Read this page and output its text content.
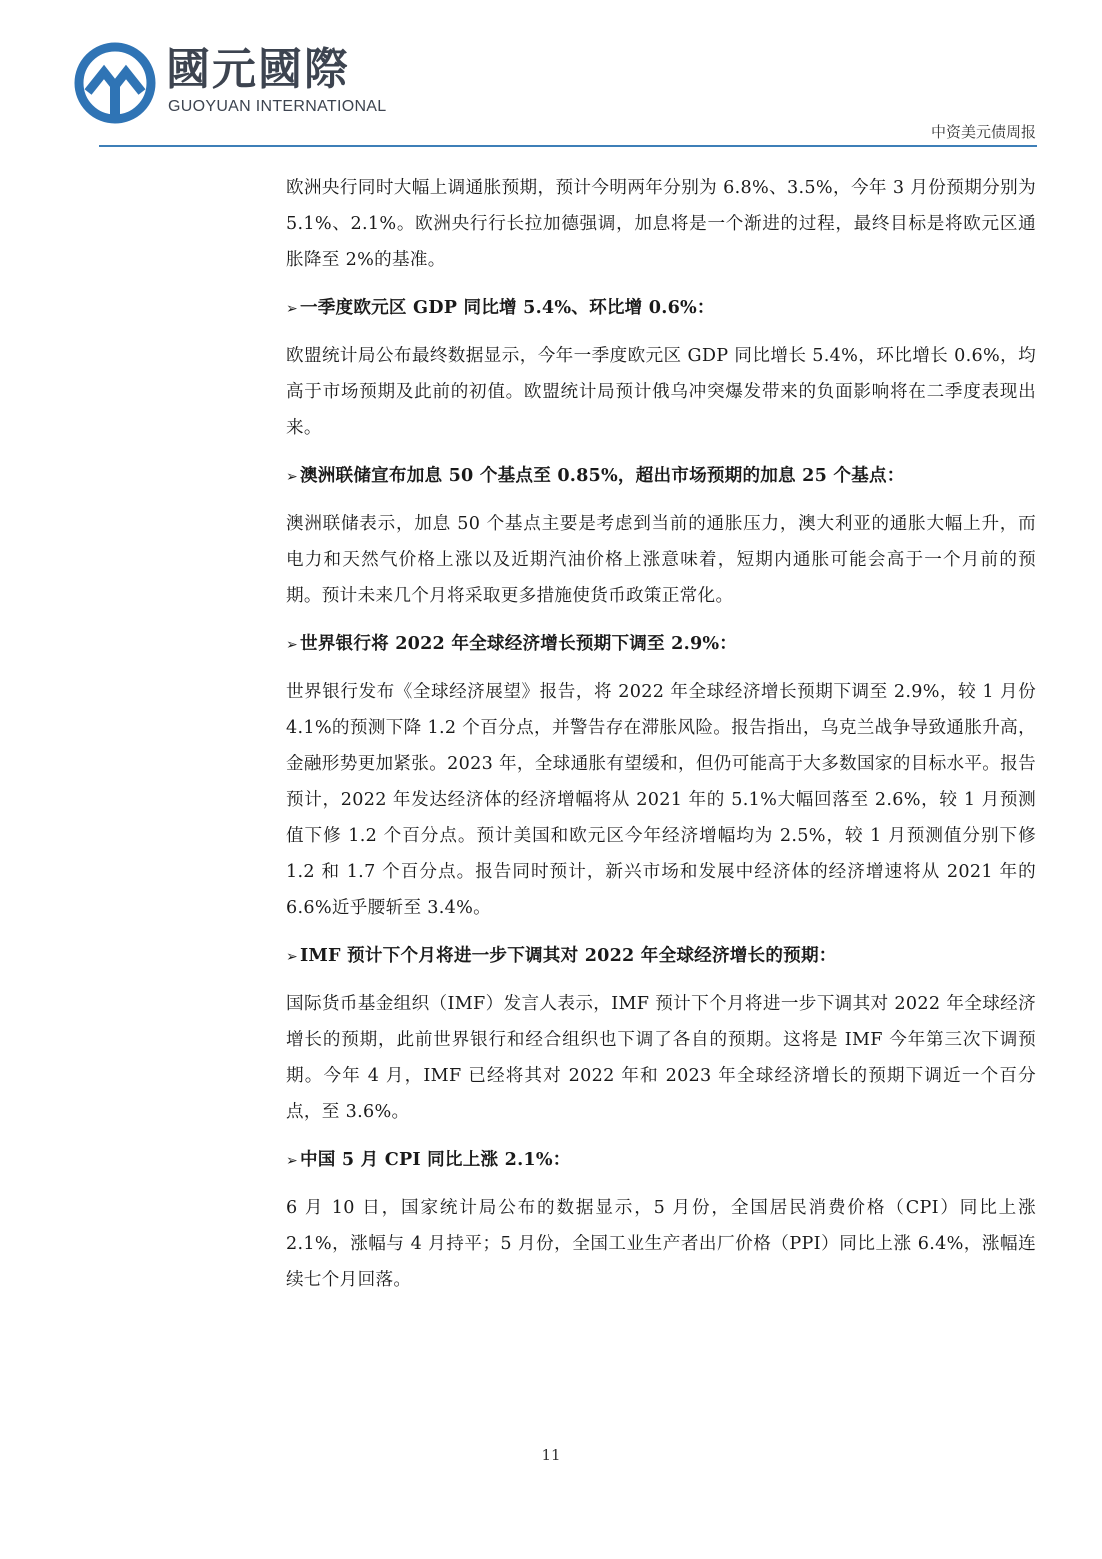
國元國際
GUOYUAN INTERNATIONAL
中资美元债周报

欧洲央行同时大幅上调通胀预期，预计今明两年分别为 6.8%、3.5%，今年 3 月份预期分别为 5.1%、2.1%。欧洲央行行长拉加德强调，加息将是一个渐进的过程，最终目标是将欧元区通胀降至 2%的基准。

➢ 一季度欧元区 GDP 同比增 5.4%、环比增 0.6%：

欧盟统计局公布最终数据显示，今年一季度欧元区 GDP 同比增长 5.4%，环比增长 0.6%，均高于市场预期及此前的初值。欧盟统计局预计俄乌冲突爆发带来的负面影响将在二季度表现出来。

➢ 澳洲联储宣布加息 50 个基点至 0.85%，超出市场预期的加息 25 个基点：

澳洲联储表示，加息 50 个基点主要是考虑到当前的通胀压力，澳大利亚的通胀大幅上升，而电力和天然气价格上涨以及近期汽油价格上涨意味着，短期内通胀可能会高于一个月前的预期。预计未来几个月将采取更多措施使货币政策正常化。

➢ 世界银行将 2022 年全球经济增长预期下调至 2.9%：

世界银行发布《全球经济展望》报告，将 2022 年全球经济增长预期下调至 2.9%，较 1 月份 4.1%的预测下降 1.2 个百分点，并警告存在滞胀风险。报告指出，乌克兰战争导致通胀升高，金融形势更加紧张。2023 年，全球通胀有望缓和，但仍可能高于大多数国家的目标水平。报告预计，2022 年发达经济体的经济增幅将从 2021 年的 5.1%大幅回落至 2.6%，较 1 月预测值下修 1.2 个百分点。预计美国和欧元区今年经济增幅均为 2.5%，较 1 月预测值分别下修 1.2 和 1.7 个百分点。报告同时预计，新兴市场和发展中经济体的经济增速将从 2021 年的 6.6%近乎腰斩至 3.4%。

➢ IMF 预计下个月将进一步下调其对 2022 年全球经济增长的预期：

国际货币基金组织（IMF）发言人表示，IMF 预计下个月将进一步下调其对 2022 年全球经济增长的预期，此前世界银行和经合组织也下调了各自的预期。这将是 IMF 今年第三次下调预期。今年 4 月，IMF 已经将其对 2022 年和 2023 年全球经济增长的预期下调近一个百分点，至 3.6%。

➢ 中国 5 月 CPI 同比上涨 2.1%：

6 月 10 日，国家统计局公布的数据显示，5 月份，全国居民消费价格（CPI）同比上涨 2.1%，涨幅与 4 月持平；5 月份，全国工业生产者出厂价格（PPI）同比上涨 6.4%，涨幅连续七个月回落。

11
